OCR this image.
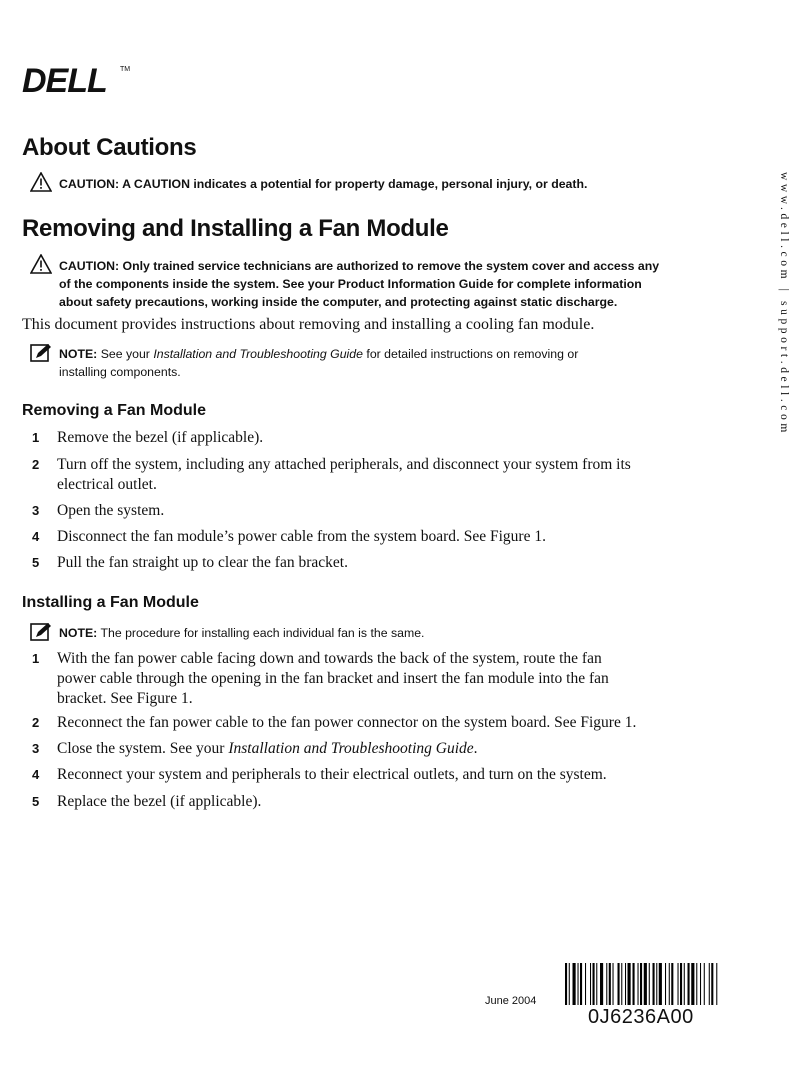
DELL TM
www.dell.com | support.dell.com
About Cautions
CAUTION: A CAUTION indicates a potential for property damage, personal injury, or death.
Removing and Installing a Fan Module
CAUTION: Only trained service technicians are authorized to remove the system cover and access any
of the components inside the system. See your Product Information Guide for complete information
about safety precautions, working inside the computer, and protecting against static discharge.
This document provides instructions about removing and installing a cooling fan module.
NOTE: See your Installation and Troubleshooting Guide for detailed instructions on removing or
installing components.
Removing a Fan Module
1 Remove the bezel (if applicable).
2 Turn off the system, including any attached peripherals, and disconnect your system from its
electrical outlet.
3 Open the system.
4 Disconnect the fan module’s power cable from the system board. See Figure 1.
5 Pull the fan straight up to clear the fan bracket.
Installing a Fan Module
NOTE: The procedure for installing each individual fan is the same.
1 With the fan power cable facing down and towards the back of the system, route the fan
power cable through the opening in the fan bracket and insert the fan module into the fan
bracket. See Figure 1.
2 Reconnect the fan power cable to the fan power connector on the system board. See Figure 1.
3 Close the system. See your Installation and Troubleshooting Guide.
4 Reconnect your system and peripherals to their electrical outlets, and turn on the system.
5 Replace the bezel (if applicable).
June 2004
0J6236A00
